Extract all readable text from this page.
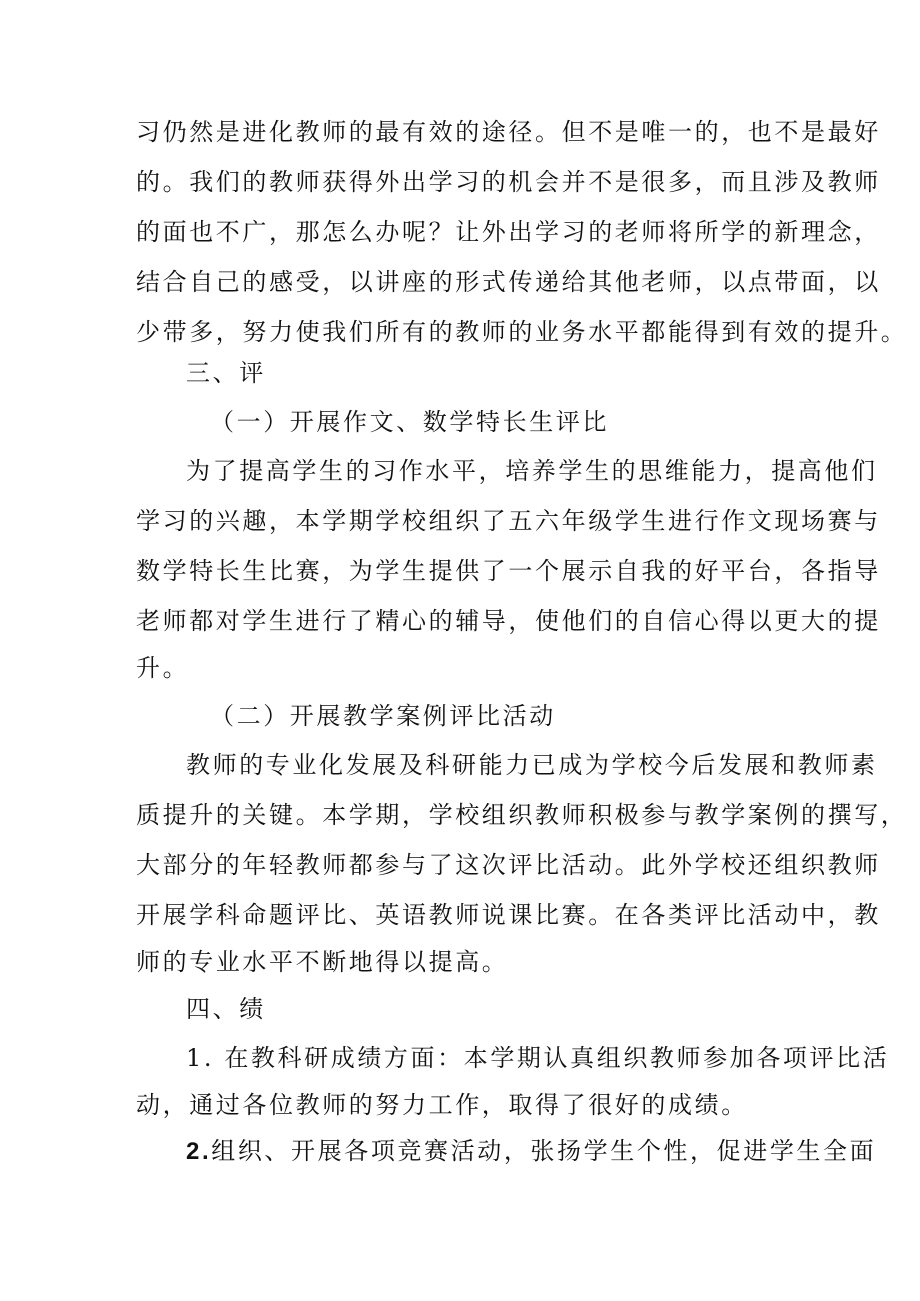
习仍然是进化教师的最有效的途径。但不是唯一的，也不是最好
的。我们的教师获得外出学习的机会并不是很多，而且涉及教师
的面也不广，那怎么办呢？让外出学习的老师将所学的新理念，
结合自己的感受，以讲座的形式传递给其他老师，以点带面，以
少带多，努力使我们所有的教师的业务水平都能得到有效的提升。
三、评
（一）开展作文、数学特长生评比
为了提高学生的习作水平，培养学生的思维能力，提高他们
学习的兴趣，本学期学校组织了五六年级学生进行作文现场赛与
数学特长生比赛，为学生提供了一个展示自我的好平台，各指导
老师都对学生进行了精心的辅导，使他们的自信心得以更大的提
升。
（二）开展教学案例评比活动
教师的专业化发展及科研能力已成为学校今后发展和教师素
质提升的关键。本学期，学校组织教师积极参与教学案例的撰写，
大部分的年轻教师都参与了这次评比活动。此外学校还组织教师
开展学科命题评比、英语教师说课比赛。在各类评比活动中，教
师的专业水平不断地得以提高。
四、绩
1. 在教科研成绩方面：本学期认真组织教师参加各项评比活
动，通过各位教师的努力工作，取得了很好的成绩。
2.组织、开展各项竞赛活动，张扬学生个性，促进学生全面
